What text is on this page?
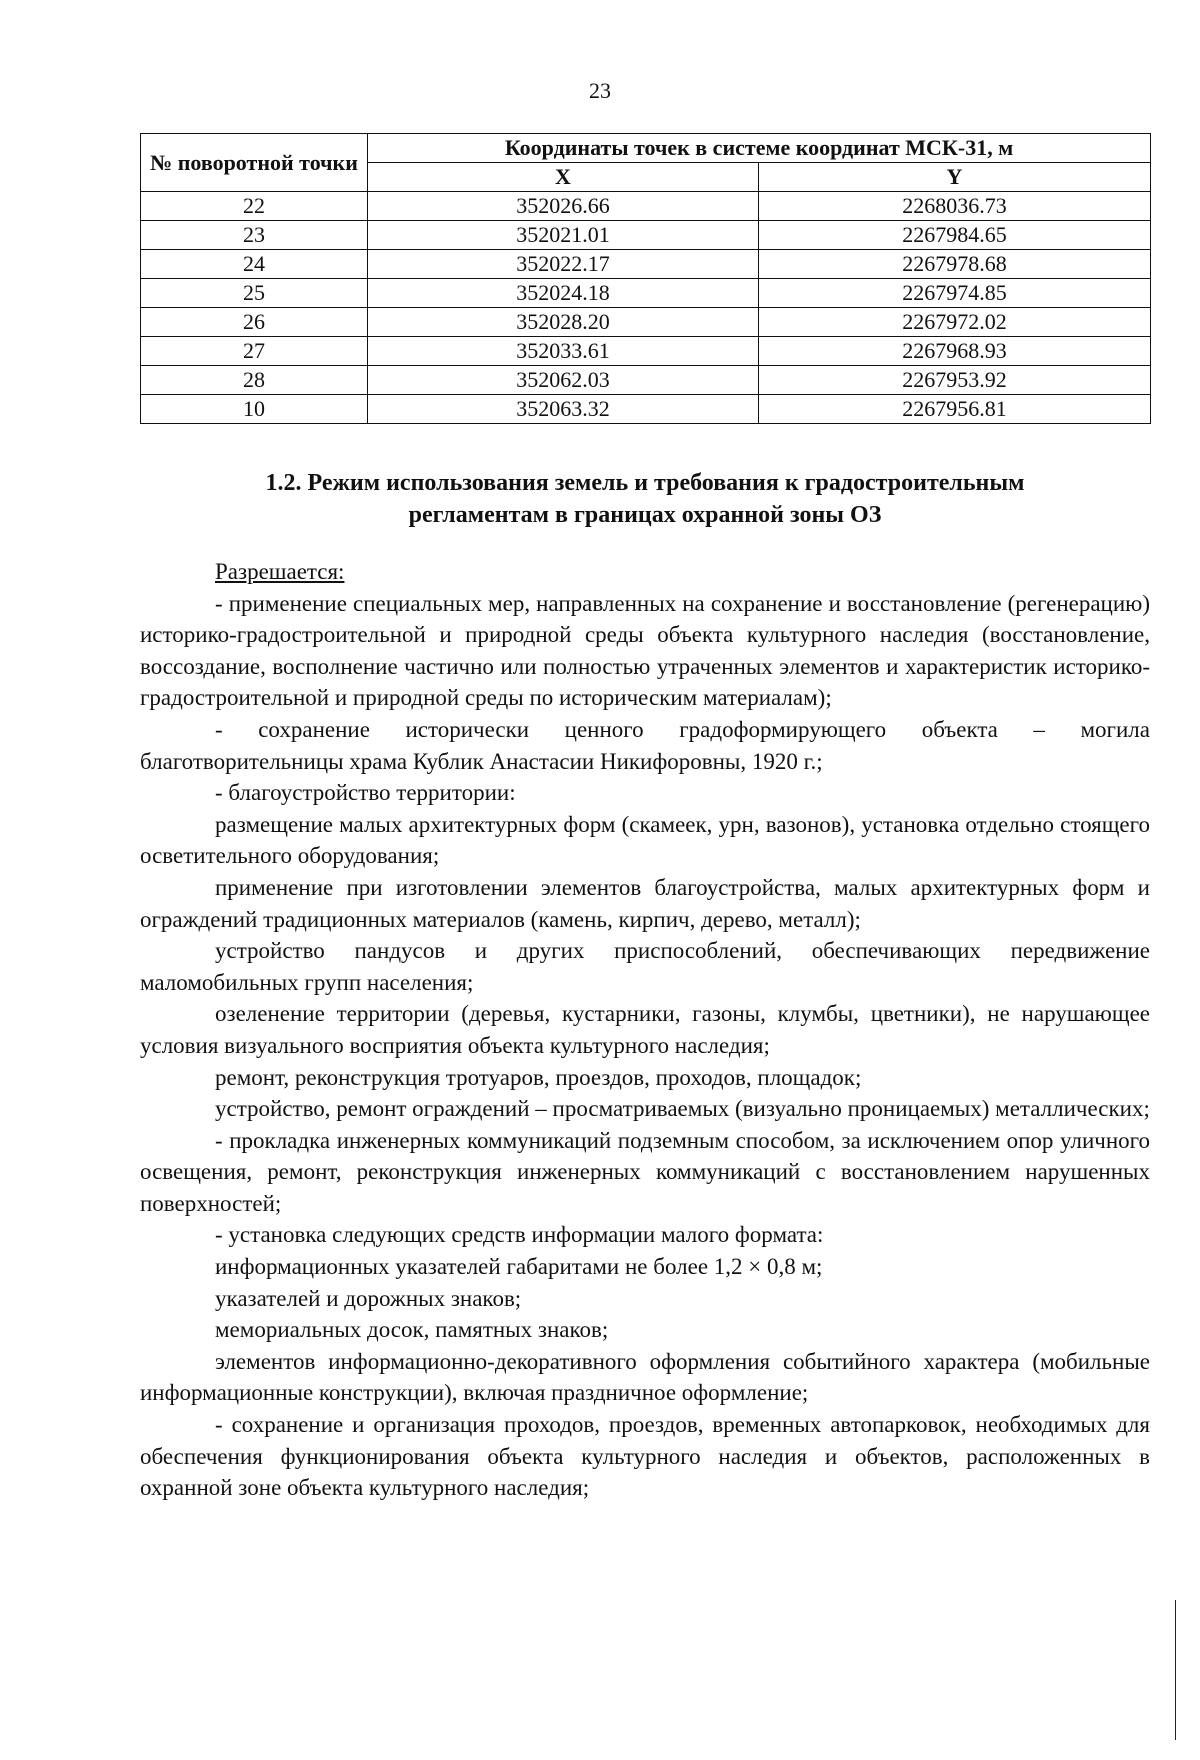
23
№ поворотной точки	Координаты точек в системе координат МСК-31, м	
	X	Y
22	352026.66	2268036.73
23	352021.01	2267984.65
24	352022.17	2267978.68
25	352024.18	2267974.85
26	352028.20	2267972.02
27	352033.61	2267968.93
28	352062.03	2267953.92
10	352063.32	2267956.81
1.2. Режим использования земель и требования к градостроительным
регламентам в границах охранной зоны ОЗ

Разрешается:

- применение специальных мер, направленных на сохранение и восстановление (регенерацию) историко-градостроительной и природной среды объекта культурного наследия (восстановление, воссоздание, восполнение частично или полностью утраченных элементов и характеристик историко-градостроительной и природной среды по историческим материалам);

- сохранение исторически ценного градоформирующего объекта – могила благотворительницы храма Кублик Анастасии Никифоровны, 1920 г.;

- благоустройство территории:

размещение малых архитектурных форм (скамеек, урн, вазонов), установка отдельно стоящего осветительного оборудования;

применение при изготовлении элементов благоустройства, малых архитектурных форм и ограждений традиционных материалов (камень, кирпич, дерево, металл);

устройство пандусов и других приспособлений, обеспечивающих передвижение маломобильных групп населения;

озеленение территории (деревья, кустарники, газоны, клумбы, цветники), не нарушающее условия визуального восприятия объекта культурного наследия;

ремонт, реконструкция тротуаров, проездов, проходов, площадок;

устройство, ремонт ограждений – просматриваемых (визуально проницаемых) металлических;

- прокладка инженерных коммуникаций подземным способом, за исключением опор уличного освещения, ремонт, реконструкция инженерных коммуникаций с восстановлением нарушенных поверхностей;

- установка следующих средств информации малого формата:

информационных указателей габаритами не более 1,2 × 0,8 м;

указателей и дорожных знаков;

мемориальных досок, памятных знаков;

элементов информационно-декоративного оформления событийного характера (мобильные информационные конструкции), включая праздничное оформление;

- сохранение и организация проходов, проездов, временных автопарковок, необходимых для обеспечения функционирования объекта культурного наследия и объектов, расположенных в охранной зоне объекта культурного наследия;
